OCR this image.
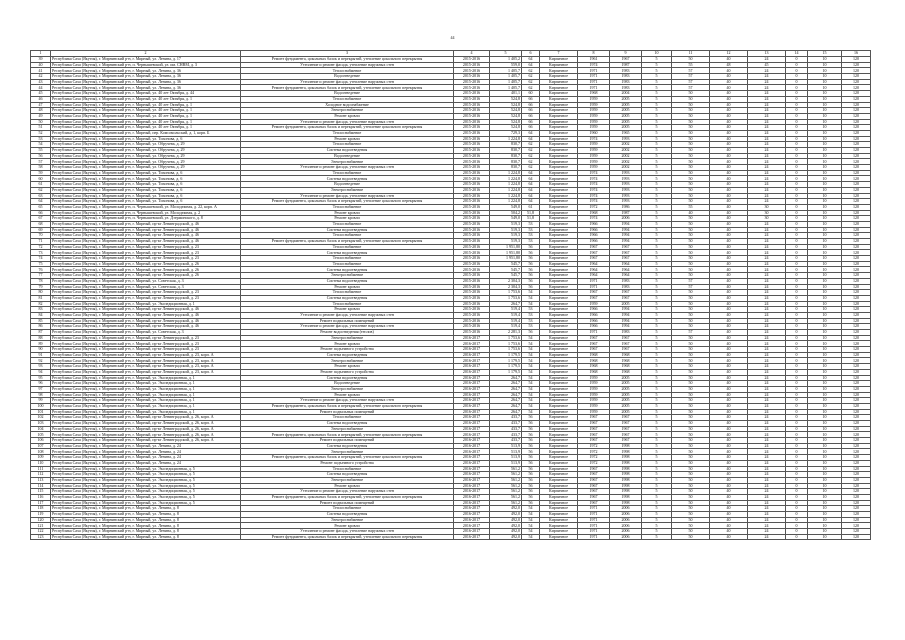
44
1	2	3	4	5	6	7	8	9	10	11	12	13	14	15	16
39	Республика Саха (Якутия), г. Мирнинский р-н, г. Мирный, ул. Ленина, д. 17	Ремонт фундамента, цокольных балок и перекрытий, утепление цокольного перекрытия	2015-2016	1 405,2	64	Кирпичное	1961	1967	5	50	40	24	0	10	120
40	Республика Саха (Якутия), г. Мирнинский р-н, п. Чернышевский, ул. им. СНВМ, д. 3	Утепление и ремонт фасада, утепление наружных стен	2015-2016	559,0	64	Кирпичное	1974	1987	5	55	48	45	0	10	120
41	Республика Саха (Якутия), г. Мирнинский р-н, г. Мирный, ул. Ленина, д. 36	Теплоснабжение	2015-2016	1 405,7	62	Кирпичное	1971	1983	5	57	40	24	0	10	120
42	Республика Саха (Якутия), г. Мирнинский р-н, г. Мирный, ул. Ленина, д. 36	Водоотведение	2015-2016	1 405,7	62	Кирпичное	1971	1983	5	57	40	24	0	10	120
43	Республика Саха (Якутия), г. Мирнинский р-н, г. Мирный, ул. Ленина, д. 36	Утепление и ремонт фасада, утепление наружных стен	2015-2016	1 405,7	62	Кирпичное	1971	1983	5	57	40	24	0	10	120
44	Республика Саха (Якутия), г. Мирнинский р-н, г. Мирный, ул. Ленина, д. 36	Ремонт фундамента, цокольных балок и перекрытий, утепление цокольного перекрытия	2015-2016	1 405,7	62	Кирпичное	1971	1983	5	57	40	24	0	10	120
45	Республика Саха (Якутия), г. Мирнинский р-н, г. Мирный, ул. 40 лет Октября, д. 44	Водоотведение	2015-2016	401,1	60	Кирпичное	1968	2004	5	50	40	24	0	10	120
46	Республика Саха (Якутия), г. Мирнинский р-н, г. Мирный, ул. 40 лет Октября, д. 1	Теплоснабжение	2015-2016	524,8	66	Кирпичное	1959	2005	5	50	40	24	0	10	120
47	Республика Саха (Якутия), г. Мирнинский р-н, г. Мирный, ул. 40 лет Октября, д. 1	Холодное водоснабжение	2015-2016	524,8	66	Кирпичное	1959	2005	5	50	40	24	0	10	120
48	Республика Саха (Якутия), г. Мирнинский р-н, г. Мирный, ул. 40 лет Октября, д. 1	Электроснабжение	2015-2016	524,8	66	Кирпичное	1959	2005	5	50	40	24	0	10	120
49	Республика Саха (Якутия), г. Мирнинский р-н, г. Мирный, ул. 40 лет Октября, д. 1	Ремонт кровли	2015-2016	524,8	66	Кирпичное	1959	2005	5	50	40	24	0	10	120
50	Республика Саха (Якутия), г. Мирнинский р-н, г. Мирный, ул. 40 лет Октября, д. 1	Утепление и ремонт фасада, утепление наружных стен	2015-2016	524,8	66	Кирпичное	1959	2005	5	50	40	24	0	10	120
51	Республика Саха (Якутия), г. Мирнинский р-н, г. Мирный, ул. 40 лет Октября, д. 1	Ремонт фундамента, цокольных балок и перекрытий, утепление цокольного перекрытия	2015-2016	524,8	66	Кирпичное	1959	2005	5	50	40	24	0	10	120
52	Республика Саха (Якутия), г. Мирнинский р-н, г. Мирный, пер. Комсомольский, д. 1, корп. Б	Теплоснабжение	2015-2016	729,3	64	Кирпичное	1960	1965	5	50	40	24	0	10	120
53	Республика Саха (Якутия), г. Мирнинский р-н, г. Мирный, ул. Тихонова, д. 6	Ремонт кровли	2015-2016	1 224,8	64	Кирпичное	1974	1993	5	50	40	24	0	10	120
54	Республика Саха (Якутия), г. Мирнинский р-н, г. Мирный, ул. Обручева, д. 29	Теплоснабжение	2015-2016	830,7	62	Кирпичное	1959	2002	5	50	40	24	0	10	120
55	Республика Саха (Якутия), г. Мирнинский р-н, г. Мирный, ул. Обручева, д. 29	Система водоотведения	2015-2016	830,7	62	Кирпичное	1959	2002	5	50	40	24	0	10	120
56	Республика Саха (Якутия), г. Мирнинский р-н, г. Мирный, ул. Обручева, д. 29	Водоотведение	2015-2016	830,7	62	Кирпичное	1959	2002	5	50	40	24	0	10	120
57	Республика Саха (Якутия), г. Мирнинский р-н, г. Мирный, ул. Обручева, д. 29	Электроснабжение	2015-2016	830,7	62	Кирпичное	1959	2002	5	50	40	24	0	10	120
58	Республика Саха (Якутия), г. Мирнинский р-н, г. Мирный, ул. Обручева, д. 29	Утепление и ремонт фасада, утепление наружных стен	2015-2016	830,7	62	Кирпичное	1959	2002	5	50	40	24	0	10	120
59	Республика Саха (Якутия), г. Мирнинский р-н, г. Мирный, ул. Тихонова, д. 6	Теплоснабжение	2015-2016	1 224,8	64	Кирпичное	1974	1993	5	50	40	24	0	10	120
60	Республика Саха (Якутия), г. Мирнинский р-н, г. Мирный, ул. Тихонова, д. 6	Система водоотведения	2015-2016	1 224,8	64	Кирпичное	1974	1993	5	50	40	24	0	10	120
61	Республика Саха (Якутия), г. Мирнинский р-н, г. Мирный, ул. Тихонова, д. 6	Водоотведение	2015-2016	1 224,8	64	Кирпичное	1974	1993	5	50	40	24	0	10	120
62	Республика Саха (Якутия), г. Мирнинский р-н, г. Мирный, ул. Тихонова, д. 6	Электроснабжение	2015-2016	1 224,8	64	Кирпичное	1974	1993	5	50	40	24	0	10	120
63	Республика Саха (Якутия), г. Мирнинский р-н, г. Мирный, ул. Тихонова, д. 6	Утепление и ремонт фасада, утепление наружных стен	2015-2016	1 224,8	64	Кирпичное	1974	1993	5	50	40	24	0	10	120
64	Республика Саха (Якутия), г. Мирнинский р-н, г. Мирный, ул. Тихонова, д. 6	Ремонт фундамента, цокольных балок и перекрытий, утепление цокольного перекрытия	2015-2016	1 224,8	64	Кирпичное	1974	1993	5	50	40	24	0	10	120
65	Республика Саха (Якутия), г. Мирнинский р-н, п. Чернышевский, ул. Молодежная, д. 22, корп. А	Теплоснабжение	2015-2016	549,0	61	Кирпичное	1972	1986	5	55	40	30	0	10	120
66	Республика Саха (Якутия), г. Мирнинский р-н, п. Чернышевский, ул. Молодежная, д. 2	Ремонт кровли	2015-2016	504,2	51,8	Кирпичное	1968	1987	5	40	40	30	0	10	120
67	Республика Саха (Якутия), г. Мирнинский р-н, п. Чернышевский, ул. Дзержинского, д. 8	Ремонт кровли	2015-2016	549,0	51,8	Кирпичное	1974	2006	5	50	40	30	0	10	120
68	Республика Саха (Якутия), г. Мирнинский р-н, г. Мирный, пр-кт Ленинградский, д. 46	Теплоснабжение	2015-2016	519,3	53	Кирпичное	1966	1994	5	50	40	24	0	10	120
69	Республика Саха (Якутия), г. Мирнинский р-н, г. Мирный, пр-кт Ленинградский, д. 46	Система водоотведения	2015-2016	519,3	53	Кирпичное	1966	1994	5	50	40	24	0	10	120
70	Республика Саха (Якутия), г. Мирнинский р-н, г. Мирный, пр-кт Ленинградский, д. 46	Теплоснабжение	2015-2016	519,3	53	Кирпичное	1966	1994	5	50	40	24	0	10	120
71	Республика Саха (Якутия), г. Мирнинский р-н, г. Мирный, пр-кт Ленинградский, д. 46	Ремонт фундамента, цокольных балок и перекрытий, утепление цокольного перекрытия	2015-2016	519,3	53	Кирпичное	1966	1994	5	50	40	24	0	10	120
72	Республика Саха (Якутия), г. Мирнинский р-н, г. Мирный, пр-кт Ленинградский, д. 23	Теплоснабжение	2015-2016	1 951,80	56	Кирпичное	1967	1967	5	50	40	24	0	10	120
73	Республика Саха (Якутия), г. Мирнинский р-н, г. Мирный, пр-кт Ленинградский, д. 23	Система водоотведения	2015-2016	1 951,80	56	Кирпичное	1967	1967	5	50	40	24	0	10	120
74	Республика Саха (Якутия), г. Мирнинский р-н, г. Мирный, пр-кт Ленинградский, д. 23	Теплоснабжение	2015-2016	1 951,80	56	Кирпичное	1967	1967	5	50	40	24	0	10	120
75	Республика Саха (Якутия), г. Мирнинский р-н, г. Мирный, пр-кт Ленинградский, д. 26	Теплоснабжение	2015-2016	545,7	56	Кирпичное	1964	1964	5	50	40	24	0	10	120
76	Республика Саха (Якутия), г. Мирнинский р-н, г. Мирный, пр-кт Ленинградский, д. 26	Система водоотведения	2015-2016	545,7	56	Кирпичное	1964	1964	5	50	40	24	0	10	120
77	Республика Саха (Якутия), г. Мирнинский р-н, г. Мирный, пр-кт Ленинградский, д. 26	Электроснабжение	2015-2016	545,7	56	Кирпичное	1964	1964	5	50	40	24	0	10	120
78	Республика Саха (Якутия), г. Мирнинский р-н, г. Мирный, ул. Советская, д. 3	Система водоотведения	2015-2016	2 304,3	56	Кирпичное	1971	1983	5	57	40	24	0	10	120
79	Республика Саха (Якутия), г. Мирнинский р-н, г. Мирный, ул. Советская, д. 3	Ремонт кровли	2015-2016	2 304,3	56	Кирпичное	1971	1983	5	57	40	24	0	10	120
80	Республика Саха (Якутия), г. Мирнинский р-н, г. Мирный, пр-кт Ленинградский, д. 23	Теплоснабжение	2015-2016	1 753,6	54	Кирпичное	1967	1967	5	50	40	24	0	10	120
81	Республика Саха (Якутия), г. Мирнинский р-н, г. Мирный, пр-кт Ленинградский, д. 23	Система водоотведения	2015-2016	1 753,6	54	Кирпичное	1967	1967	5	50	40	24	0	10	120
82	Республика Саха (Якутия), г. Мирнинский р-н, г. Мирный, ул. Экспедиционная, д. 1	Теплоснабжение	2015-2016	264,7	54	Кирпичное	1959	2005	5	50	40	24	0	10	120
83	Республика Саха (Якутия), г. Мирнинский р-н, г. Мирный, пр-кт Ленинградский, д. 46	Ремонт кровли	2015-2016	519,4	53	Кирпичное	1966	1994	5	50	40	24	0	10	120
84	Республика Саха (Якутия), г. Мирнинский р-н, г. Мирный, пр-кт Ленинградский, д. 46	Утепление и ремонт фасада, утепление наружных стен	2015-2016	519,4	53	Кирпичное	1966	1994	5	50	40	24	0	10	120
85	Республика Саха (Якутия), г. Мирнинский р-н, г. Мирный, пр-кт Ленинградский, д. 46	Ремонт подвальных помещений	2015-2016	519,4	53	Кирпичное	1966	1994	5	50	40	24	0	10	120
86	Республика Саха (Якутия), г. Мирнинский р-н, г. Мирный, пр-кт Ленинградский, д. 46	Утепление и ремонт фасада, утепление наружных стен	2015-2016	519,4	53	Кирпичное	1966	1994	5	50	40	24	0	10	120
87	Республика Саха (Якутия), г. Мирнинский р-н, г. Мирный, ул. Советская, д. 3	Ремонт водоотведения (теплов)	2015-2016	2 281,3	56	Кирпичное	1971	1983	5	57	40	24	0	10	120
88	Республика Саха (Якутия), г. Мирнинский р-н, г. Мирный, пр-кт Ленинградский, д. 23	Электроснабжение	2016-2017	1 753,6	54	Кирпичное	1967	1967	5	50	40	24	0	10	120
89	Республика Саха (Якутия), г. Мирнинский р-н, г. Мирный, пр-кт Ленинградский, д. 23	Ремонт кровли	2016-2017	1 753,6	54	Кирпичное	1967	1967	5	50	40	24	0	10	120
90	Республика Саха (Якутия), г. Мирнинский р-н, г. Мирный, пр-кт Ленинградский, д. 23	Ремонт подъемного устройства	2016-2017	1 753,6	54	Кирпичное	1967	1967	5	50	40	24	0	10	120
91	Республика Саха (Якутия), г. Мирнинский р-н, г. Мирный, пр-кт Ленинградский, д. 23, корп. А	Система водоотведения	2016-2017	1 179,5	54	Кирпичное	1968	1968	5	50	40	24	0	10	120
92	Республика Саха (Якутия), г. Мирнинский р-н, г. Мирный, пр-кт Ленинградский, д. 23, корп. А	Электроснабжение	2016-2017	1 179,5	54	Кирпичное	1968	1968	5	50	40	24	0	10	120
93	Республика Саха (Якутия), г. Мирнинский р-н, г. Мирный, пр-кт Ленинградский, д. 23, корп. А	Ремонт кровли	2016-2017	1 179,5	54	Кирпичное	1968	1968	5	50	40	24	0	10	120
94	Республика Саха (Якутия), г. Мирнинский р-н, г. Мирный, пр-кт Ленинградский, д. 23, корп. А	Ремонт подъемного устройства	2016-2017	1 179,5	54	Кирпичное	1968	1968	5	50	40	24	0	10	120
95	Республика Саха (Якутия), г. Мирнинский р-н, г. Мирный, ул. Экспедиционная, д. 1	Система водоотведения	2016-2017	264,7	54	Кирпичное	1959	2005	5	50	40	24	0	10	120
96	Республика Саха (Якутия), г. Мирнинский р-н, г. Мирный, ул. Экспедиционная, д. 1	Водоотведение	2016-2017	264,7	54	Кирпичное	1959	2005	5	50	40	24	0	10	120
97	Республика Саха (Якутия), г. Мирнинский р-н, г. Мирный, ул. Экспедиционная, д. 1	Электроснабжение	2016-2017	264,7	54	Кирпичное	1959	2005	5	50	40	24	0	10	120
98	Республика Саха (Якутия), г. Мирнинский р-н, г. Мирный, ул. Экспедиционная, д. 1	Ремонт кровли	2016-2017	264,7	54	Кирпичное	1959	2005	5	50	40	24	0	10	120
99	Республика Саха (Якутия), г. Мирнинский р-н, г. Мирный, ул. Экспедиционная, д. 1	Утепление и ремонт фасада, утепление наружных стен	2016-2017	264,7	54	Кирпичное	1959	2005	5	50	40	24	0	10	120
100	Республика Саха (Якутия), г. Мирнинский р-н, г. Мирный, ул. Экспедиционная, д. 1	Ремонт фундамента, цокольных балок и перекрытий, утепление цокольного перекрытия	2016-2017	264,7	54	Кирпичное	1959	2005	5	50	40	24	0	10	120
101	Республика Саха (Якутия), г. Мирнинский р-н, г. Мирный, ул. Экспедиционная, д. 1	Ремонт подвальных помещений	2016-2017	264,7	54	Кирпичное	1959	2005	5	50	40	24	0	10	120
102	Республика Саха (Якутия), г. Мирнинский р-н, г. Мирный, пр-кт Ленинградский, д. 26, корп. А	Теплоснабжение	2016-2017	433,7	56	Кирпичное	1967	1967	5	50	40	24	0	10	120
103	Республика Саха (Якутия), г. Мирнинский р-н, г. Мирный, пр-кт Ленинградский, д. 26, корп. А	Система водоотведения	2016-2017	433,7	56	Кирпичное	1967	1967	5	50	40	24	0	10	120
104	Республика Саха (Якутия), г. Мирнинский р-н, г. Мирный, пр-кт Ленинградский, д. 26, корп. А	Электроснабжение	2016-2017	433,7	56	Кирпичное	1967	1967	5	50	40	24	0	10	120
105	Республика Саха (Якутия), г. Мирнинский р-н, г. Мирный, пр-кт Ленинградский, д. 26, корп. А	Ремонт фундамента, цокольных балок и перекрытий, утепление цокольного перекрытия	2016-2017	433,7	56	Кирпичное	1967	1967	5	50	40	24	0	10	120
106	Республика Саха (Якутия), г. Мирнинский р-н, г. Мирный, пр-кт Ленинградский, д. 26, корп. А	Ремонт подвальных помещений	2016-2017	433,7	56	Кирпичное	1967	1967	5	50	40	24	0	10	120
107	Республика Саха (Якутия), г. Мирнинский р-н, г. Мирный, ул. Ленина, д. 24	Система водоотведения	2016-2017	513,9	56	Кирпичное	1972	1998	5	50	40	24	0	10	120
108	Республика Саха (Якутия), г. Мирнинский р-н, г. Мирный, ул. Ленина, д. 24	Электроснабжение	2016-2017	513,9	56	Кирпичное	1972	1998	5	50	40	24	0	10	120
109	Республика Саха (Якутия), г. Мирнинский р-н, г. Мирный, ул. Ленина, д. 24	Ремонт фундамента, цокольных балок и перекрытий, утепление цокольного перекрытия	2016-2017	513,9	56	Кирпичное	1972	1998	5	50	40	24	0	10	120
110	Республика Саха (Якутия), г. Мирнинский р-н, г. Мирный, ул. Ленина, д. 24	Ремонт подъемного устройства	2016-2017	513,9	56	Кирпичное	1972	1998	5	50	40	24	0	10	120
111	Республика Саха (Якутия), г. Мирнинский р-н, г. Мирный, ул. Экспедиционная, д. 5	Теплоснабжение	2016-2017	561,2	56	Кирпичное	1967	1998	5	50	40	24	0	10	120
112	Республика Саха (Якутия), г. Мирнинский р-н, г. Мирный, ул. Экспедиционная, д. 5	Система водоотведения	2016-2017	561,2	56	Кирпичное	1967	1998	5	50	40	24	0	10	120
113	Республика Саха (Якутия), г. Мирнинский р-н, г. Мирный, ул. Экспедиционная, д. 5	Электроснабжение	2016-2017	561,2	56	Кирпичное	1967	1998	5	50	40	24	0	10	120
114	Республика Саха (Якутия), г. Мирнинский р-н, г. Мирный, ул. Экспедиционная, д. 5	Ремонт кровли	2016-2017	561,2	56	Кирпичное	1967	1998	5	50	40	24	0	10	120
115	Республика Саха (Якутия), г. Мирнинский р-н, г. Мирный, ул. Экспедиционная, д. 5	Утепление и ремонт фасада, утепление наружных стен	2016-2017	561,2	56	Кирпичное	1967	1998	5	50	40	24	0	10	120
116	Республика Саха (Якутия), г. Мирнинский р-н, г. Мирный, ул. Экспедиционная, д. 5	Ремонт фундамента, цокольных балок и перекрытий, утепление цокольного перекрытия	2016-2017	561,2	56	Кирпичное	1967	1998	5	50	40	24	0	10	120
117	Республика Саха (Якутия), г. Мирнинский р-н, г. Мирный, ул. Экспедиционная, д. 5	Ремонт подвальных помещений	2016-2017	561,2	56	Кирпичное	1967	1998	5	50	40	24	0	10	120
118	Республика Саха (Якутия), г. Мирнинский р-н, г. Мирный, ул. Ленина, д. 8	Теплоснабжение	2016-2017	492,0	54	Кирпичное	1971	2006	5	50	40	24	0	10	120
119	Республика Саха (Якутия), г. Мирнинский р-н, г. Мирный, ул. Ленина, д. 8	Система водоотведения	2016-2017	492,0	54	Кирпичное	1971	2006	5	50	40	24	0	10	120
120	Республика Саха (Якутия), г. Мирнинский р-н, г. Мирный, ул. Ленина, д. 8	Электроснабжение	2016-2017	492,0	54	Кирпичное	1971	2006	5	50	40	24	0	10	120
121	Республика Саха (Якутия), г. Мирнинский р-н, г. Мирный, ул. Ленина, д. 8	Ремонт кровли	2016-2017	492,0	54	Кирпичное	1971	2006	5	50	40	24	0	10	120
122	Республика Саха (Якутия), г. Мирнинский р-н, г. Мирный, ул. Ленина, д. 8	Утепление и ремонт фасада, утепление наружных стен	2016-2017	492,0	54	Кирпичное	1971	2006	5	50	40	24	0	10	120
123	Республика Саха (Якутия), г. Мирнинский р-н, г. Мирный, ул. Ленина, д. 8	Ремонт фундамента, цокольных балок и перекрытий, утепление цокольного перекрытия	2016-2017	492,0	54	Кирпичное	1971	2006	5	50	40	24	0	10	120
